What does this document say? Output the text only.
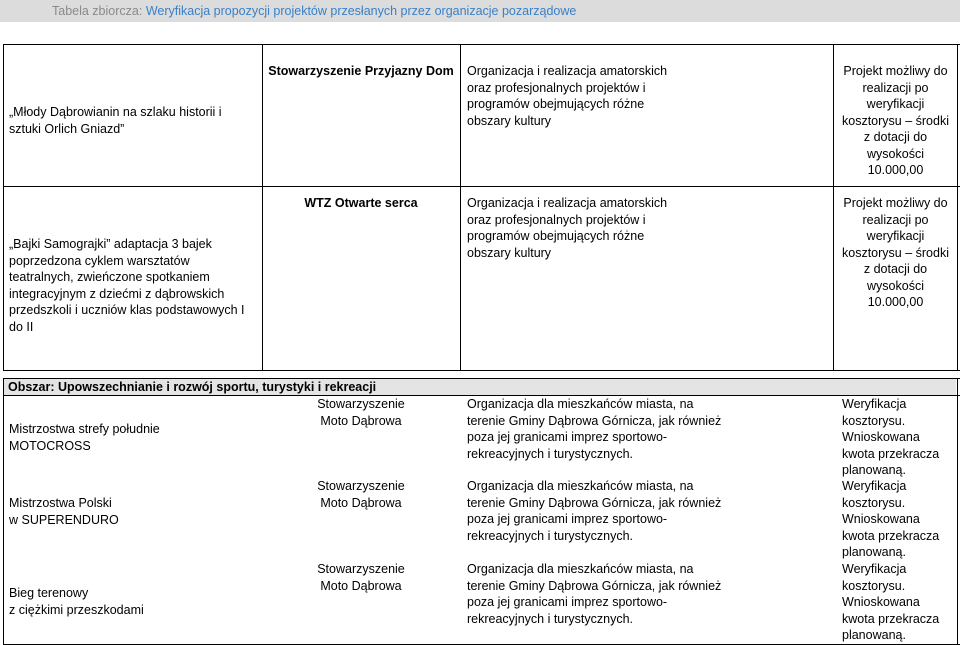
Tabela zbiorcza: Weryfikacja propozycji projektów przesłanych przez organizacje pozarządowe
„Młody Dąbrowianin na szlaku historii i sztuki Orlich Gniazd”
Stowarzyszenie Przyjazny Dom	Organizacja i realizacja amatorskich oraz profesjonalnych projektów i programów obejmujących różne obszary kultury
Projekt możliwy do realizacji po weryfikacji kosztorysu – środki z dotacji do wysokości 10.000,00
„Bajki Samograjki” adaptacja 3 bajek poprzedzona cyklem warsztatów teatralnych, zwieńczone spotkaniem integracyjnym z dziećmi z dąbrowskich przedszkoli i uczniów klas podstawowych I do II
WTZ Otwarte serca	Organizacja i realizacja amatorskich oraz profesjonalnych projektów i programów obejmujących różne obszary kultury
Projekt możliwy do realizacji po weryfikacji kosztorysu – środki z dotacji do wysokości 10.000,00
Obszar: Upowszechnianie i rozwój sportu, turystyki i rekreacji
Mistrzostwa strefy południe
MOTOCROSS
Stowarzyszenie
Moto Dąbrowa
Organizacja dla mieszkańców miasta, na terenie Gminy Dąbrowa Górnicza, jak również poza jej granicami imprez sportowo-rekreacyjnych i turystycznych.
Weryfikacja kosztorysu. Wnioskowana kwota przekracza planowaną.
Mistrzostwa Polski
w SUPERENDURO
Stowarzyszenie
Moto Dąbrowa
Organizacja dla mieszkańców miasta, na terenie Gminy Dąbrowa Górnicza, jak również poza jej granicami imprez sportowo-rekreacyjnych i turystycznych.
Weryfikacja kosztorysu. Wnioskowana kwota przekracza planowaną.
Bieg terenowy
z ciężkimi przeszkodami
Stowarzyszenie
Moto Dąbrowa
Organizacja dla mieszkańców miasta, na terenie Gminy Dąbrowa Górnicza, jak również poza jej granicami imprez sportowo-rekreacyjnych i turystycznych.
Weryfikacja kosztorysu. Wnioskowana kwota przekracza planowaną.
